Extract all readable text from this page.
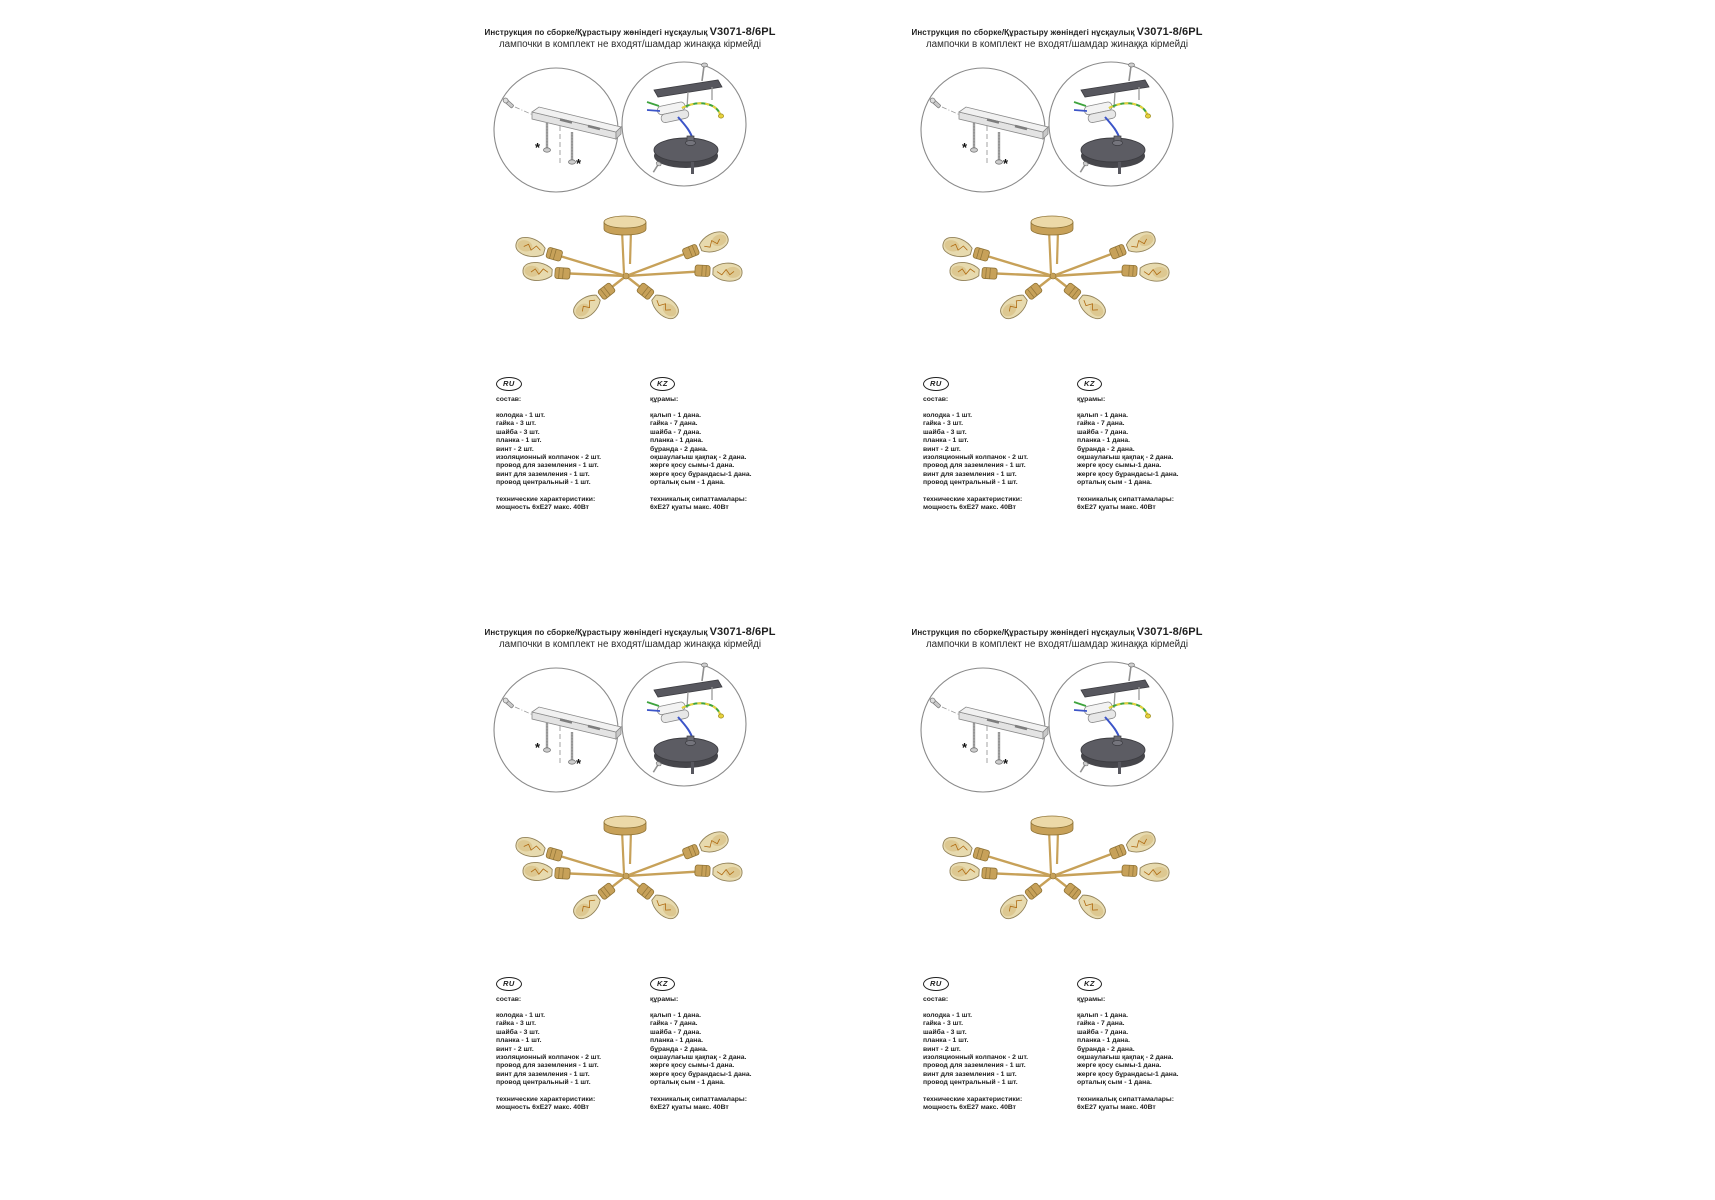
Инструкция по сборке/Құрастыру жөніндегі нұсқаулық V3071-8/6PL
лампочки в комплект не входят/шамдар жинаққа кірмейді
*
*
RU
состав:
колодка - 1 шт.
гайка - 3 шт.
шайба - 3 шт.
планка - 1 шт.
винт - 2 шт.
изоляционный колпачок - 2 шт.
провод для заземления - 1 шт.
винт для заземления - 1 шт.
провод центральный - 1 шт.
технические характеристики:
мощность 6хЕ27 макс. 40Вт
KZ
құрамы:
қалып - 1 дана.
гайка - 7 дана.
шайба - 7 дана.
планка - 1 дана.
бұранда - 2 дана.
оқшаулағыш қақпақ - 2 дана.
жерге қосу сымы-1 дана.
жерге қосу бұрандасы-1 дана.
орталық сым - 1 дана.
техникалық сипаттамалары:
6хЕ27 қуаты макс. 40Вт
Инструкция по сборке/Құрастыру жөніндегі нұсқаулық V3071-8/6PL
лампочки в комплект не входят/шамдар жинаққа кірмейді
*
*
RU
состав:
колодка - 1 шт.
гайка - 3 шт.
шайба - 3 шт.
планка - 1 шт.
винт - 2 шт.
изоляционный колпачок - 2 шт.
провод для заземления - 1 шт.
винт для заземления - 1 шт.
провод центральный - 1 шт.
технические характеристики:
мощность 6хЕ27 макс. 40Вт
KZ
құрамы:
қалып - 1 дана.
гайка - 7 дана.
шайба - 7 дана.
планка - 1 дана.
бұранда - 2 дана.
оқшаулағыш қақпақ - 2 дана.
жерге қосу сымы-1 дана.
жерге қосу бұрандасы-1 дана.
орталық сым - 1 дана.
техникалық сипаттамалары:
6хЕ27 қуаты макс. 40Вт
Инструкция по сборке/Құрастыру жөніндегі нұсқаулық V3071-8/6PL
лампочки в комплект не входят/шамдар жинаққа кірмейді
*
*
RU
состав:
колодка - 1 шт.
гайка - 3 шт.
шайба - 3 шт.
планка - 1 шт.
винт - 2 шт.
изоляционный колпачок - 2 шт.
провод для заземления - 1 шт.
винт для заземления - 1 шт.
провод центральный - 1 шт.
технические характеристики:
мощность 6хЕ27 макс. 40Вт
KZ
құрамы:
қалып - 1 дана.
гайка - 7 дана.
шайба - 7 дана.
планка - 1 дана.
бұранда - 2 дана.
оқшаулағыш қақпақ - 2 дана.
жерге қосу сымы-1 дана.
жерге қосу бұрандасы-1 дана.
орталық сым - 1 дана.
техникалық сипаттамалары:
6хЕ27 қуаты макс. 40Вт
Инструкция по сборке/Құрастыру жөніндегі нұсқаулық V3071-8/6PL
лампочки в комплект не входят/шамдар жинаққа кірмейді
*
*
RU
состав:
колодка - 1 шт.
гайка - 3 шт.
шайба - 3 шт.
планка - 1 шт.
винт - 2 шт.
изоляционный колпачок - 2 шт.
провод для заземления - 1 шт.
винт для заземления - 1 шт.
провод центральный - 1 шт.
технические характеристики:
мощность 6хЕ27 макс. 40Вт
KZ
құрамы:
қалып - 1 дана.
гайка - 7 дана.
шайба - 7 дана.
планка - 1 дана.
бұранда - 2 дана.
оқшаулағыш қақпақ - 2 дана.
жерге қосу сымы-1 дана.
жерге қосу бұрандасы-1 дана.
орталық сым - 1 дана.
техникалық сипаттамалары:
6хЕ27 қуаты макс. 40Вт
